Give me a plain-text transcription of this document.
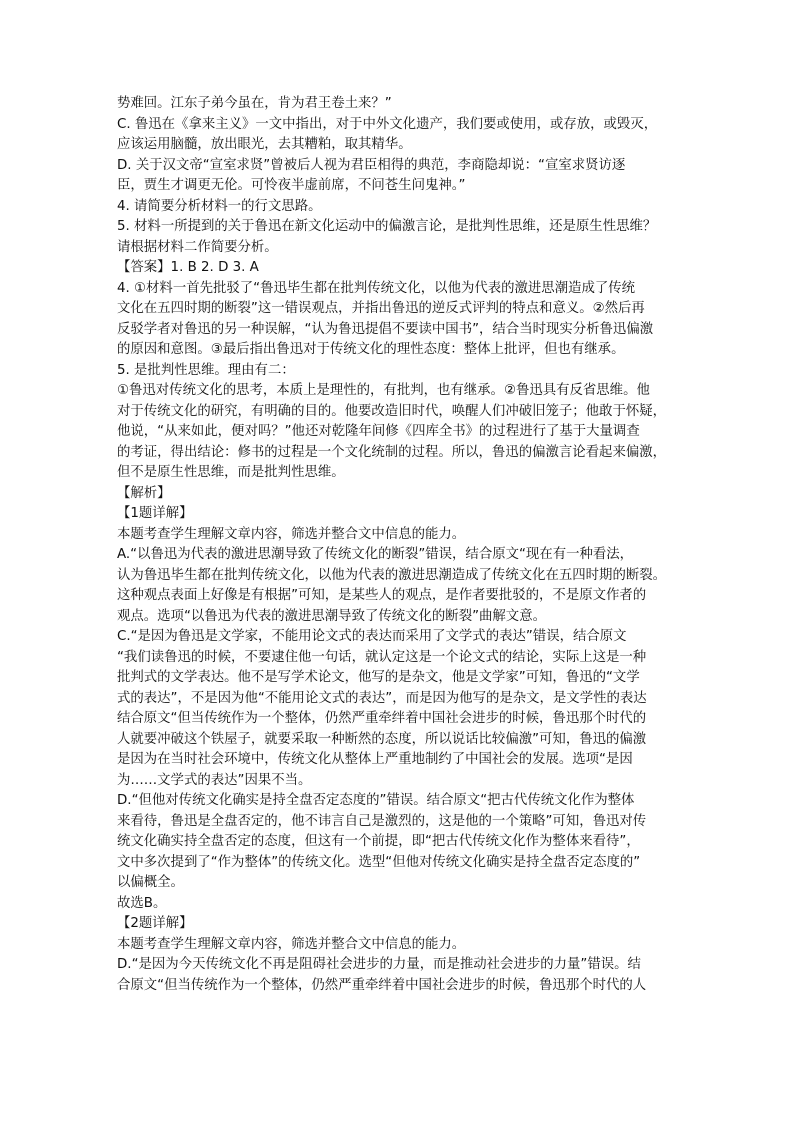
势难回。江东子弟今虽在，肯为君王卷土来？”
C. 鲁迅在《拿来主义》一文中指出，对于中外文化遗产，我们要或使用，或存放，或毁灭，
应该运用脑髓，放出眼光，去其糟粕，取其精华。
D. 关于汉文帝“宣室求贤”曾被后人视为君臣相得的典范，李商隐却说：“宣室求贤访逐
臣，贾生才调更无伦。可怜夜半虚前席，不问苍生问鬼神。”
4. 请简要分析材料一的行文思路。
5. 材料一所提到的关于鲁迅在新文化运动中的偏激言论，是批判性思维，还是原生性思维？
请根据材料二作简要分析。
【答案】1. B 2. D 3. A
4. ①材料一首先批驳了“鲁迅毕生都在批判传统文化，以他为代表的激进思潮造成了传统
文化在五四时期的断裂”这一错误观点，并指出鲁迅的逆反式评判的特点和意义。②然后再
反驳学者对鲁迅的另一种误解，“认为鲁迅提倡不要读中国书”，结合当时现实分析鲁迅偏激
的原因和意图。③最后指出鲁迅对于传统文化的理性态度：整体上批评，但也有继承。
5. 是批判性思维。理由有二：
①鲁迅对传统文化的思考，本质上是理性的，有批判，也有继承。②鲁迅具有反省思维。他
对于传统文化的研究，有明确的目的。他要改造旧时代，唤醒人们冲破旧笼子；他敢于怀疑，
他说，“从来如此，便对吗？”他还对乾隆年间修《四库全书》的过程进行了基于大量调查
的考证，得出结论：修书的过程是一个文化统制的过程。所以，鲁迅的偏激言论看起来偏激，
但不是原生性思维，而是批判性思维。
【解析】
【1题详解】
本题考查学生理解文章内容，筛选并整合文中信息的能力。
A.“以鲁迅为代表的激进思潮导致了传统文化的断裂”错误，结合原文“现在有一种看法，
认为鲁迅毕生都在批判传统文化，以他为代表的激进思潮造成了传统文化在五四时期的断裂。
这种观点表面上好像是有根据”可知，是某些人的观点，是作者要批驳的，不是原文作者的
观点。选项“以鲁迅为代表的激进思潮导致了传统文化的断裂”曲解文意。
C.“是因为鲁迅是文学家，不能用论文式的表达而采用了文学式的表达”错误，结合原文
“我们读鲁迅的时候，不要逮住他一句话，就认定这是一个论文式的结论，实际上这是一种
批判式的文学表达。他不是写学术论文，他写的是杂文，他是文学家”可知，鲁迅的“文学
式的表达”，不是因为他“不能用论文式的表达”，而是因为他写的是杂文，是文学性的表达
结合原文“但当传统作为一个整体，仍然严重牵绊着中国社会进步的时候，鲁迅那个时代的
人就要冲破这个铁屋子，就要采取一种断然的态度，所以说话比较偏激”可知，鲁迅的偏激
是因为在当时社会环境中，传统文化从整体上严重地制约了中国社会的发展。选项“是因
为……文学式的表达”因果不当。
D.“但他对传统文化确实是持全盘否定态度的”错误。结合原文“把古代传统文化作为整体
来看待，鲁迅是全盘否定的，他不讳言自己是激烈的，这是他的一个策略”可知，鲁迅对传
统文化确实持全盘否定的态度，但这有一个前提，即“把古代传统文化作为整体来看待”，
文中多次提到了“作为整体”的传统文化。选型“但他对传统文化确实是持全盘否定态度的”
以偏概全。
故选B。
【2题详解】
本题考查学生理解文章内容，筛选并整合文中信息的能力。
D.“是因为今天传统文化不再是阻碍社会进步的力量，而是推动社会进步的力量”错误。结
合原文“但当传统作为一个整体，仍然严重牵绊着中国社会进步的时候，鲁迅那个时代的人
